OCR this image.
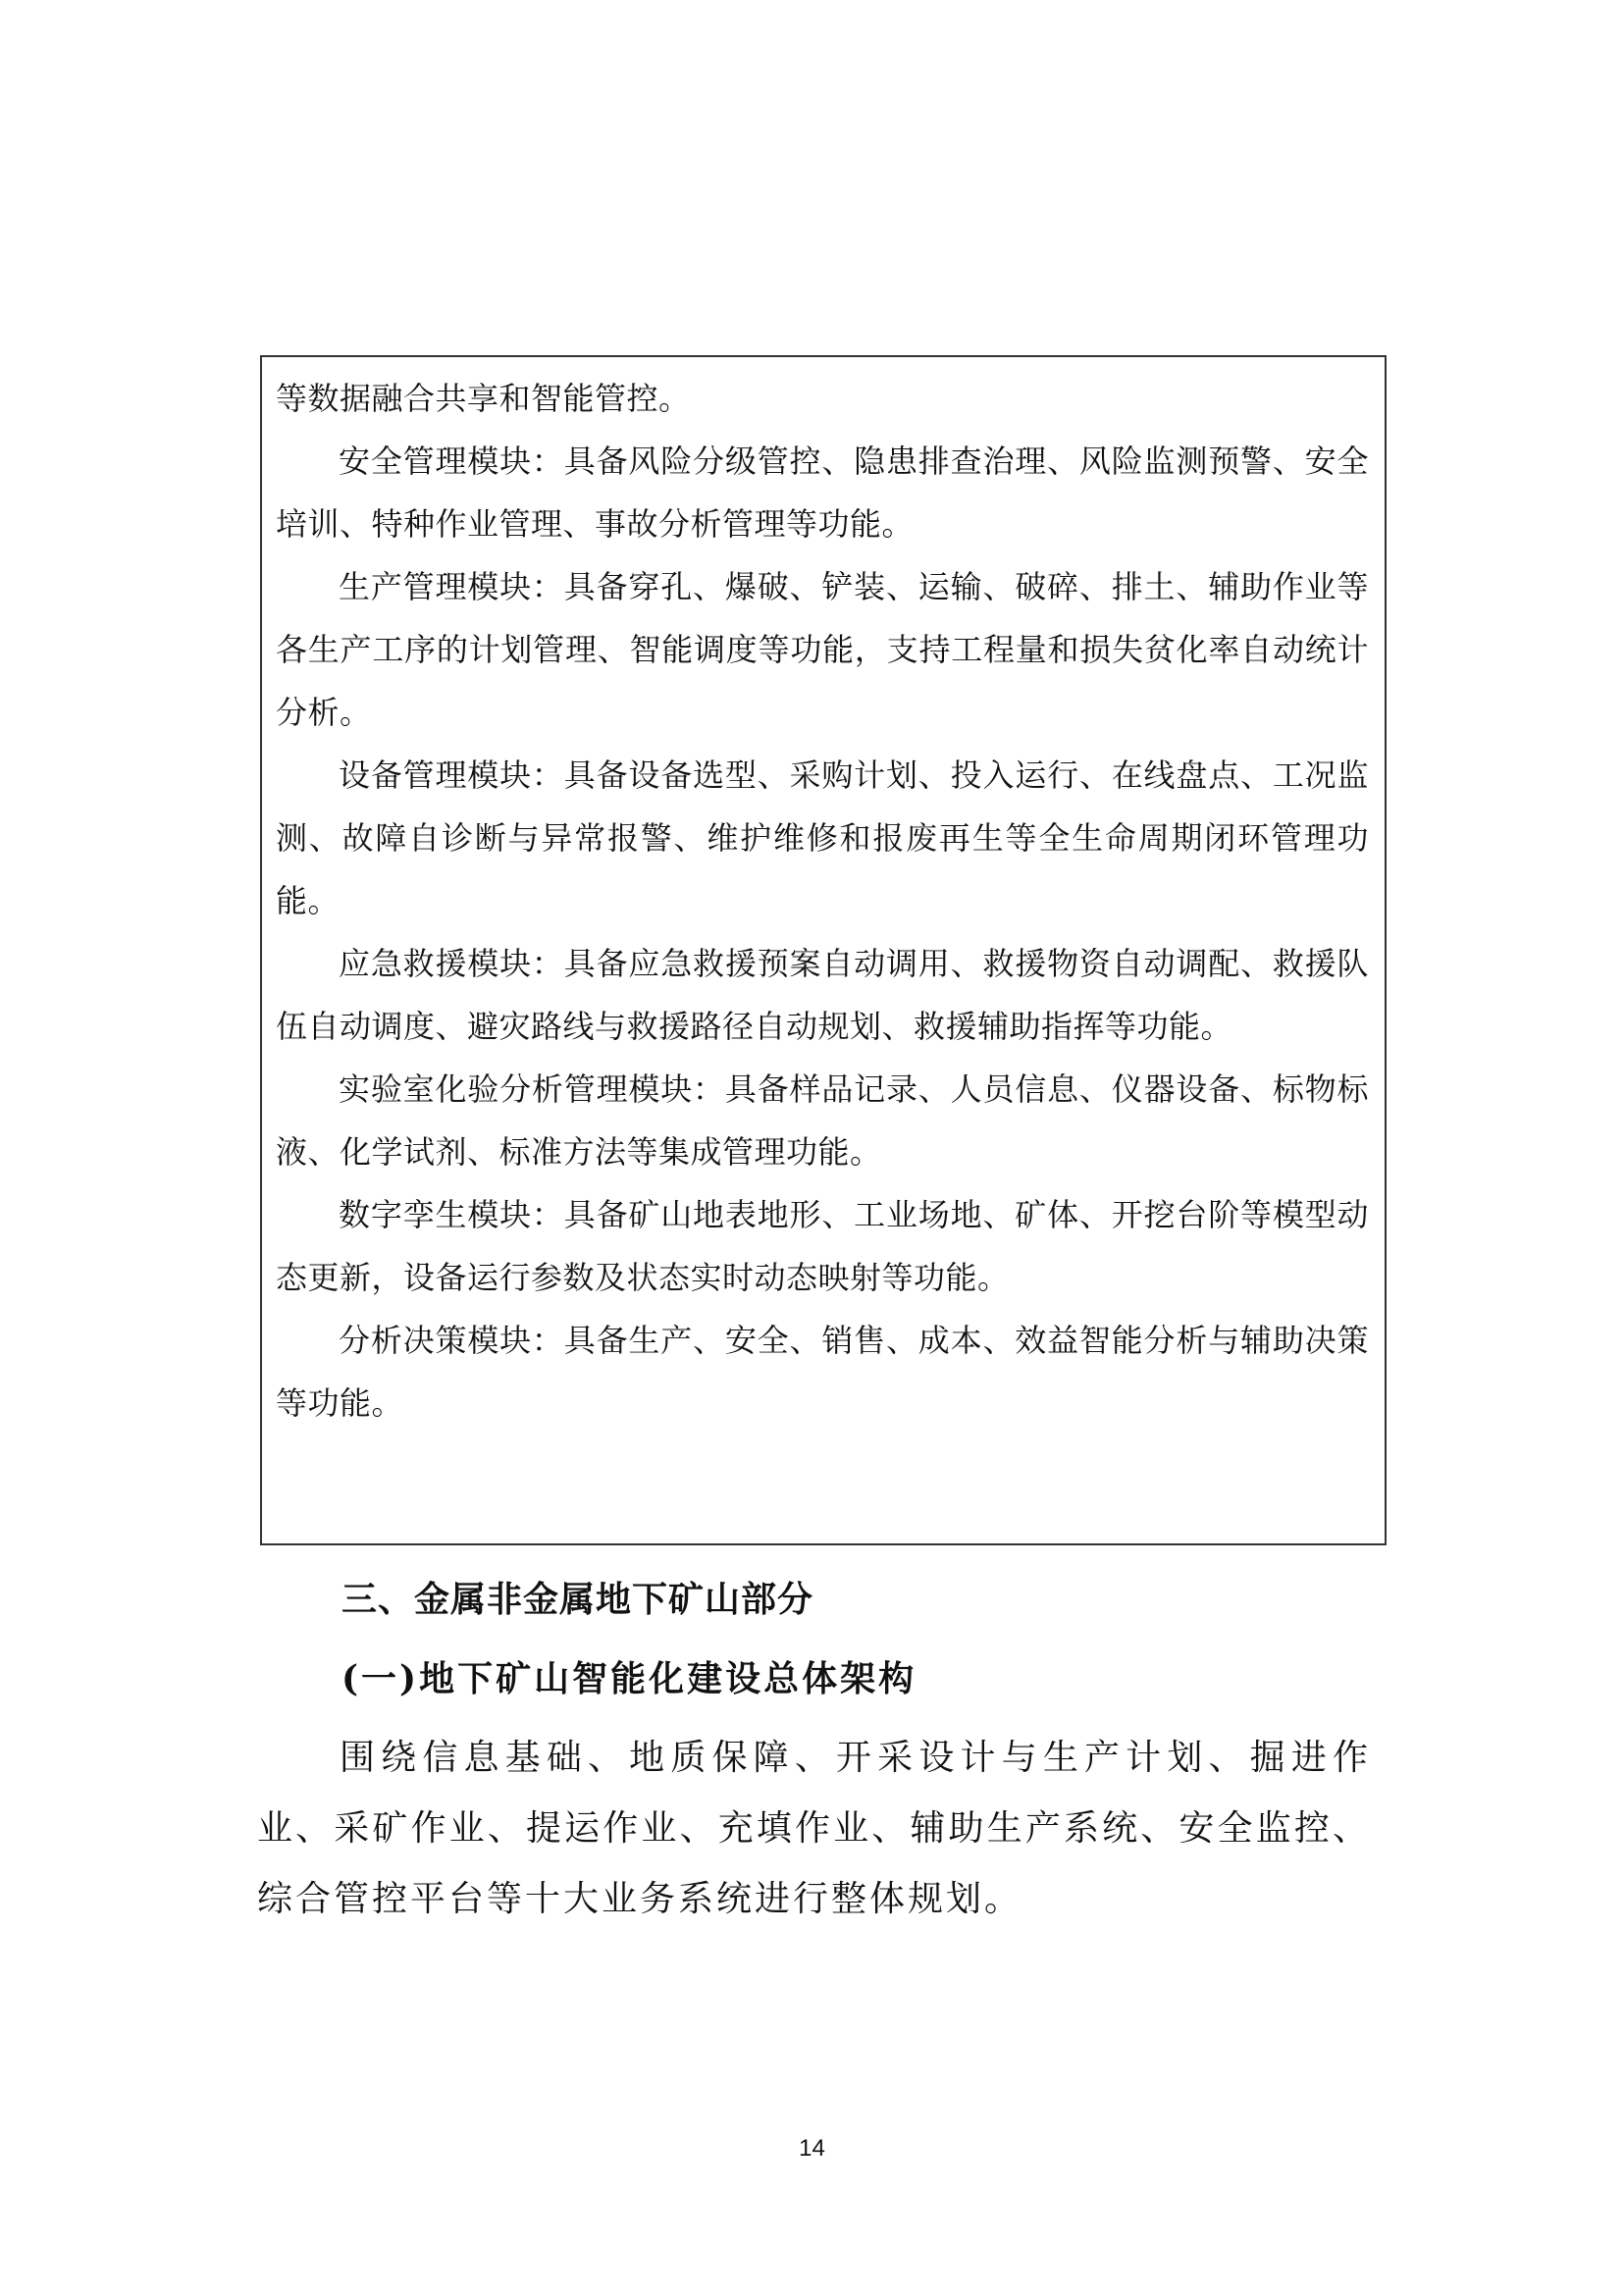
等数据融合共享和智能管控。

安全管理模块：具备风险分级管控、隐患排查治理、风险监测预警、安全培训、特种作业管理、事故分析管理等功能。

生产管理模块：具备穿孔、爆破、铲装、运输、破碎、排土、辅助作业等各生产工序的计划管理、智能调度等功能，支持工程量和损失贫化率自动统计分析。

设备管理模块：具备设备选型、采购计划、投入运行、在线盘点、工况监测、故障自诊断与异常报警、维护维修和报废再生等全生命周期闭环管理功能。

应急救援模块：具备应急救援预案自动调用、救援物资自动调配、救援队伍自动调度、避灾路线与救援路径自动规划、救援辅助指挥等功能。

实验室化验分析管理模块：具备样品记录、人员信息、仪器设备、标物标液、化学试剂、标准方法等集成管理功能。

数字孪生模块：具备矿山地表地形、工业场地、矿体、开挖台阶等模型动态更新，设备运行参数及状态实时动态映射等功能。

分析决策模块：具备生产、安全、销售、成本、效益智能分析与辅助决策等功能。

三、金属非金属地下矿山部分
(一)地下矿山智能化建设总体架构

围绕信息基础、地质保障、开采设计与生产计划、掘进作业、采矿作业、提运作业、充填作业、辅助生产系统、安全监控、综合管控平台等十大业务系统进行整体规划。

14
